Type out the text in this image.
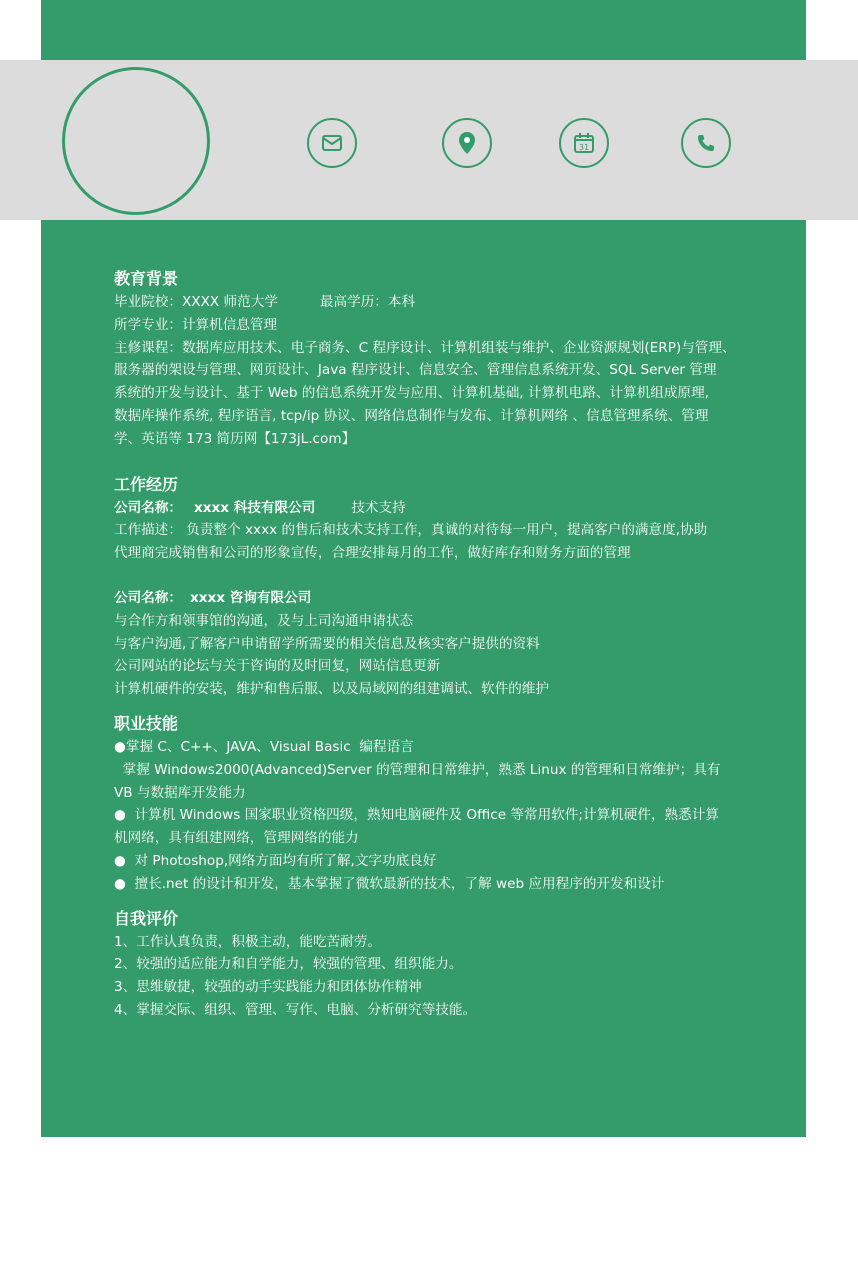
31

教育背景

毕业院校：XXXX 师范大学	最高学历：本科

所学专业：计算机信息管理

主修课程：数据库应用技术、电子商务、C 程序设计、计算机组装与维护、企业资源规划(ERP)与管理、

服务器的架设与管理、网页设计、Java 程序设计、信息安全、管理信息系统开发、SQL Server 管理

系统的开发与设计、基于 Web 的信息系统开发与应用、计算机基础, 计算机电路、计算机组成原理,

数据库操作系统, 程序语言, tcp/ip 协议、网络信息制作与发布、计算机网络 、信息管理系统、管理

学、英语等 173 简历网【173jL.com】

工作经历

公司名称： xxxx 科技有限公司	技术支持

工作描述： 负责整个 xxxx 的售后和技术支持工作，真诚的对待每一用户，提高客户的满意度,协助

代理商完成销售和公司的形象宣传，合理安排每月的工作，做好库存和财务方面的管理

公司名称： xxxx 咨询有限公司

与合作方和领事馆的沟通，及与上司沟通申请状态

与客户沟通,了解客户申请留学所需要的相关信息及核实客户提供的资料

公司网站的论坛与关于咨询的及时回复，网站信息更新

计算机硬件的安装，维护和售后服、以及局域网的组建调试、软件的维护

职业技能

●掌握 C、C++、JAVA、Visual Basic  编程语言

掌握 Windows2000(Advanced)Server 的管理和日常维护，熟悉 Linux 的管理和日常维护；具有

VB 与数据库开发能力

●  计算机 Windows 国家职业资格四级，熟知电脑硬件及 Office 等常用软件;计算机硬件，熟悉计算

机网络，具有组建网络，管理网络的能力

●  对 Photoshop,网络方面均有所了解,文字功底良好

●  擅长.net 的设计和开发，基本掌握了微软最新的技术，了解 web 应用程序的开发和设计

自我评价

1、工作认真负责，积极主动，能吃苦耐劳。

2、较强的适应能力和自学能力，较强的管理、组织能力。

3、思维敏捷，较强的动手实践能力和团体协作精神

4、掌握交际、组织、管理、写作、电脑、分析研究等技能。
